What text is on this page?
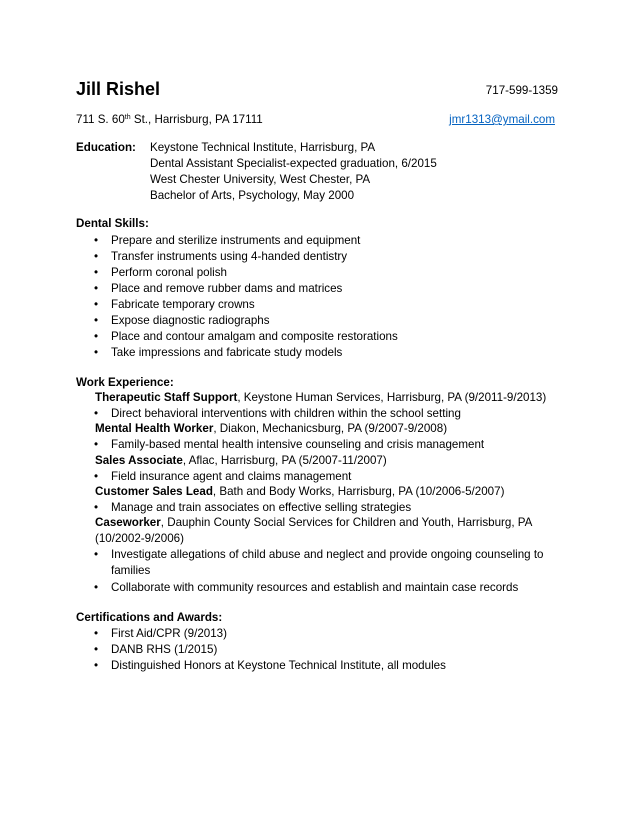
Jill Rishel	717-599-1359
711 S. 60th St., Harrisburg, PA 17111	jmr1313@ymail.com
Education: Keystone Technical Institute, Harrisburg, PA
Dental Assistant Specialist-expected graduation, 6/2015
West Chester University, West Chester, PA
Bachelor of Arts, Psychology, May 2000
Dental Skills:
• Prepare and sterilize instruments and equipment
• Transfer instruments using 4-handed dentistry
• Perform coronal polish
• Place and remove rubber dams and matrices
• Fabricate temporary crowns
• Expose diagnostic radiographs
• Place and contour amalgam and composite restorations
• Take impressions and fabricate study models
Work Experience:
Therapeutic Staff Support, Keystone Human Services, Harrisburg, PA (9/2011-9/2013)
• Direct behavioral interventions with children within the school setting
Mental Health Worker, Diakon, Mechanicsburg, PA (9/2007-9/2008)
• Family-based mental health intensive counseling and crisis management
Sales Associate, Aflac, Harrisburg, PA (5/2007-11/2007)
• Field insurance agent and claims management
Customer Sales Lead, Bath and Body Works, Harrisburg, PA (10/2006-5/2007)
• Manage and train associates on effective selling strategies
Caseworker, Dauphin County Social Services for Children and Youth, Harrisburg, PA
(10/2002-9/2006)
• Investigate allegations of child abuse and neglect and provide ongoing counseling to families
• Collaborate with community resources and establish and maintain case records
Certifications and Awards:
• First Aid/CPR (9/2013)
• DANB RHS (1/2015)
• Distinguished Honors at Keystone Technical Institute, all modules
